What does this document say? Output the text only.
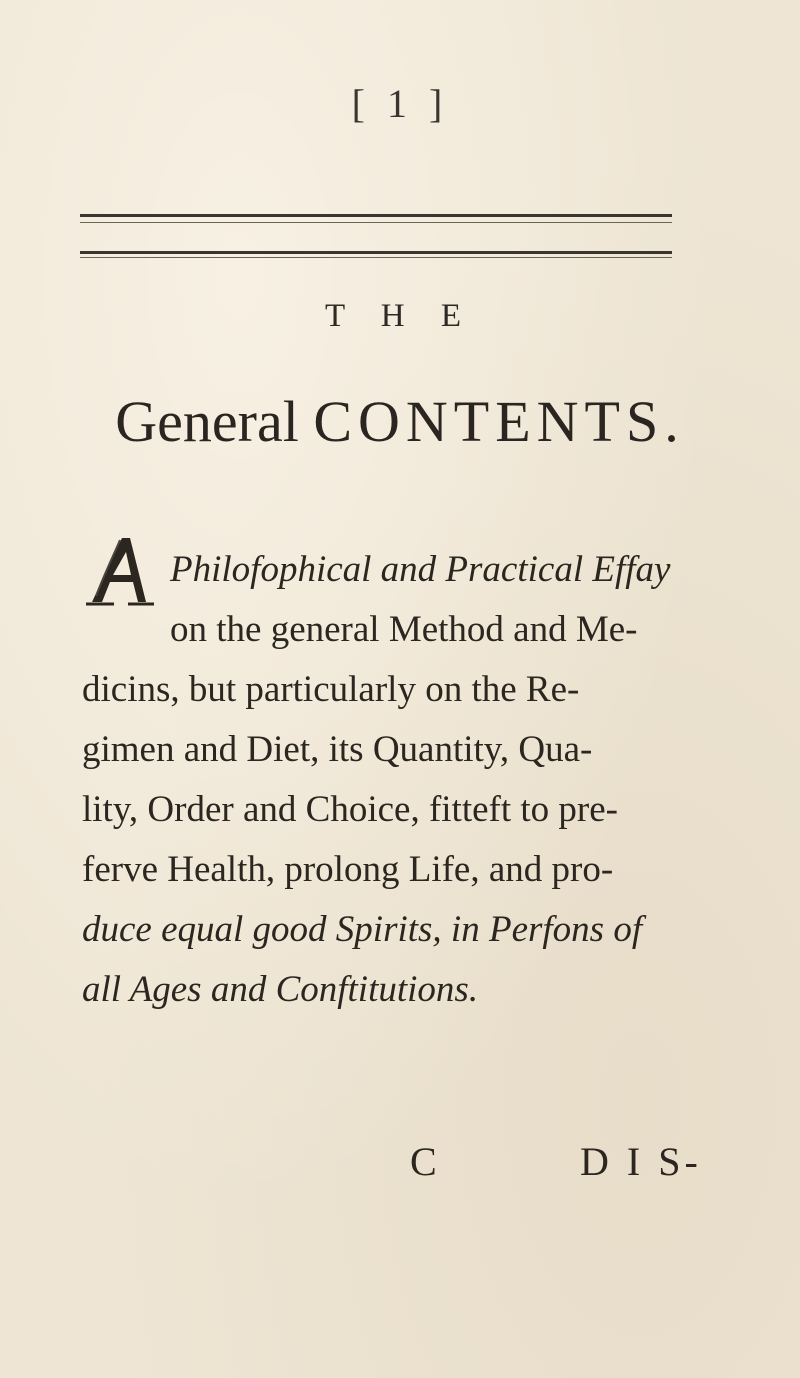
[ 1 ]
T H E
General CONTENTS.
Philofophical and Practical Effay
on the general Method and Me-
dicins, but particularly on the Re-
gimen and Diet, its Quantity, Qua-
lity, Order and Choice, fitteft to pre-
ferve Health, prolong Life, and pro-
duce equal good Spirits, in Perfons of
all Ages and Conftitutions.
C	D I S-
